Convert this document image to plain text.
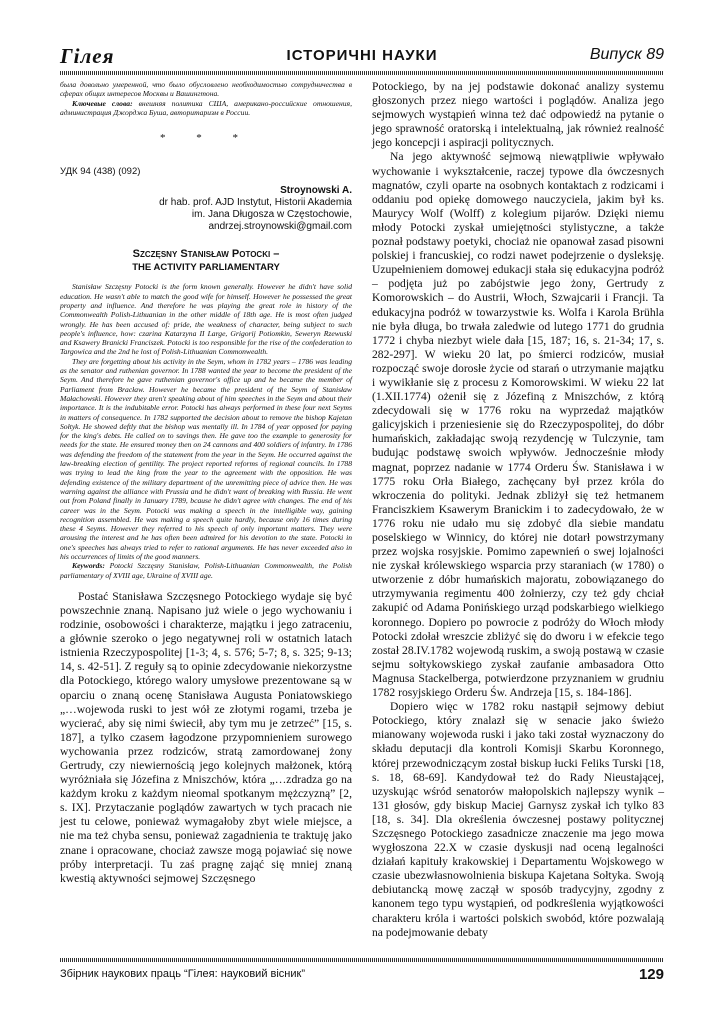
Гілея	ІСТОРИЧНІ НАУКИ	Випуск 89

была довольно умеренной, что было обусловлено необходимостью сотрудничества в сферах общих интересов Москвы и Вашингтона.

Ключевые слова: внешняя политика США, американо-российские отношения, администрация Джорджа Буша, авторитаризм в России.

* * *

УДК 94 (438) (092)

Stroynowski A.
dr hab. prof. AJD Instytut, Historii Akademia
im. Jana Długosza w Częstochowie,
andrzej.stroynowski@gmail.com
Szczęsny Stanisław Potocki –
THE ACTIVITY PARLIAMENTARY

Stanisław Szczęsny Potocki is the form known generally. However he didn't have solid education. He wasn't able to match the good wife for himself. However he possessed the great property and influence. And therefore he was playing the great role in history of the Commonwealth Polish-Lithuanian in the other middle of 18th age. He is most often judged wrongly. He has been accused of: pride, the weakness of character, being subject to such people's influence, how: czarina Katarzyna II Large, Grigorij Potiomkin, Seweryn Rzewuski and Ksawery Branicki Franciszek. Potocki is too responsible for the rise of the confederation to Targowica and the 2nd he lost of Polish-Lithuanian Commonwealth.

They are forgetting about his activity in the Seym, whom in 1782 years – 1786 was leading as the senator and ruthenian governor. In 1788 wanted the year to become the president of the Seym. And therefore he gave ruthenian governor's office up and he became the member of Parliament from Bracław. However he became the president of the Seym of Stanisław Małachowski. However they aren't speaking about of him speeches in the Seym and about their importance. It is the indubitable error. Potocki has always performed in these four next Seyms in matters of consequence. In 1782 supported the decision about to remove the bishop Kajetan Sołtyk. He showed deftly that the bishop was mentally ill. In 1784 of year opposed for paying for the king's debts. He called on to savings then. He gave too the example to generosity for needs for the state. He ensured money then on 24 cannons and 400 soldiers of infantry. In 1786 was defending the freedom of the statement from the year in the Seym. He occurred against the law-breaking election of gentility. The project reported reforms of regional councils. In 1788 was trying to lead the king from the year to the agreement with the opposition. He was defending existence of the military department of the unremitting piece of advice then. He was warning against the alliance with Prussia and he didn't want of breaking with Russia. He went out from Poland finally in January 1789, bcause he didn't agree with changes. The end of his career was in the Seym. Potocki was making a speech in the intelligible way, gaining recognition assembled. He was making a speech quite hardly, because only 16 times during these 4 Seyms. However they referred to his speech of only important matters. They were arousing the interest and he has often been admired for his devotion to the state. Potocki in one's speeches has always tried to refer to rational arguments. He has never exceeded also in his occurrences of limits of the good manners.

Keywords: Potocki Szczęsny Stanisław, Polish-Lithuanian Commonwealth, the Polish parliamentary of XVIII age, Ukraine of XVIII age.

Postać Stanisława Szczęsnego Potockiego wydaje się być powszechnie znaną. Napisano już wiele o jego wychowaniu i rodzinie, osobowości i charakterze, majątku i jego zatraceniu, a głównie szeroko o jego negatywnej roli w ostatnich latach istnienia Rzeczypospolitej [1-3; 4, s. 576; 5-7; 8, s. 325; 9-13; 14, s. 42-51]. Z reguły są to opinie zdecydowanie niekorzystne dla Potockiego, którego walory umysłowe prezentowane są w oparciu o znaną ocenę Stanisława Augusta Poniatowskiego „…wojewoda ruski to jest wół ze złotymi rogami, trzeba je wycierać, aby się nimi świecił, aby tym mu je zetrzeć” [15, s. 187], a tylko czasem łagodzone przypomnieniem surowego wychowania przez rodziców, stratą zamordowanej żony Gertrudy, czy niewiernością jego kolejnych małżonek, którą wyróżniała się Józefina z Mniszchów, która „…zdradza go na każdym kroku z każdym nieomal spotkanym mężczyzną” [2, s. IX]. Przytaczanie poglądów zawartych w tych pracach nie jest tu celowe, ponieważ wymagałoby zbyt wiele miejsce, a nie ma też chyba sensu, ponieważ zagadnienia te traktuję jako znane i opracowane, chociaż zawsze mogą pojawiać się nowe próby interpretacji. Tu zaś pragnę zająć się mniej znaną kwestią aktywności sejmowej Szczęsnego

Potockiego, by na jej podstawie dokonać analizy systemu głoszonych przez niego wartości i poglądów. Analiza jego sejmowych wystąpień winna też dać odpowiedź na pytanie o jego sprawność oratorską i intelektualną, jak również realność jego koncepcji i aspiracji politycznych.

Na jego aktywność sejmową niewątpliwie wpływało wychowanie i wykształcenie, raczej typowe dla ówczesnych magnatów, czyli oparte na osobnych kontaktach z rodzicami i oddaniu pod opiekę domowego nauczyciela, jakim był ks. Maurycy Wolf (Wolff) z kolegium pijarów. Dzięki niemu młody Potocki zyskał umiejętności stylistyczne, a także poznał podstawy poetyki, chociaż nie opanował zasad pisowni polskiej i francuskiej, co rodzi nawet podejrzenie o dysleksję. Uzupełnieniem domowej edukacji stała się edukacyjna podróż – podjęta już po zabójstwie jego żony, Gertrudy z Komorowskich – do Austrii, Włoch, Szwajcarii i Francji. Ta edukacyjna podróż w towarzystwie ks. Wolfa i Karola Brühla nie była długa, bo trwała zaledwie od lutego 1771 do grudnia 1772 i chyba niezbyt wiele dała [15, 187; 16, s. 21-34; 17, s. 282-297]. W wieku 20 lat, po śmierci rodziców, musiał rozpocząć swoje dorosłe życie od starań o utrzymanie majątku i wywikłanie się z procesu z Komorowskimi. W wieku 22 lat (1.XII.1774) ożenił się z Józefiną z Mniszchów, z którą zdecydowali się w 1776 roku na wyprzedaż majątków galicyjskich i przeniesienie się do Rzeczypospolitej, do dóbr humańskich, zakładając swoją rezydencję w Tulczynie, tam budując podstawę swoich wpływów. Jednocześnie młody magnat, poprzez nadanie w 1774 Orderu Św. Stanisława i w 1775 roku Orła Białego, zachęcany był przez króla do wkroczenia do polityki. Jednak zbliżył się też hetmanem Franciszkiem Ksawerym Branickim i to zadecydowało, że w 1776 roku nie udało mu się zdobyć dla siebie mandatu poselskiego w Winnicy, do której nie dotarł powstrzymany przez wojska rosyjskie. Pomimo zapewnień o swej lojalności nie zyskał królewskiego wsparcia przy staraniach (w 1780) o utworzenie z dóbr humańskich majoratu, zobowiązanego do utrzymywania regimentu 400 żołnierzy, czy też gdy chciał zakupić od Adama Ponińskiego urząd podskarbiego wielkiego koronnego. Dopiero po powrocie z podróży do Włoch młody Potocki zdołał wreszcie zbliżyć się do dworu i w efekcie tego został 28.IV.1782 wojewodą ruskim, a swoją postawą w czasie sejmu sołtykowskiego zyskał zaufanie ambasadora Otto Magnusa Stackelberga, potwierdzone przyznaniem w grudniu 1782 rosyjskiego Orderu Św. Andrzeja [15, s. 184-186].

Dopiero więc w 1782 roku nastąpił sejmowy debiut Potockiego, który znalazł się w senacie jako świeżo mianowany wojewoda ruski i jako taki został wyznaczony do składu deputacji dla kontroli Komisji Skarbu Koronnego, której przewodniczącym został biskup łucki Feliks Turski [18, s. 18, 68-69]. Kandydował też do Rady Nieustającej, uzyskując wśród senatorów małopolskich najlepszy wynik – 131 głosów, gdy biskup Maciej Garnysz zyskał ich tylko 83 [18, s. 34]. Dla określenia ówczesnej postawy politycznej Szczęsnego Potockiego zasadnicze znaczenie ma jego mowa wygłoszona 22.X w czasie dyskusji nad oceną legalności działań kapituły krakowskiej i Departamentu Wojskowego w czasie ubezwłasnowolnienia biskupa Kajetana Sołtyka. Swoją debiutancką mowę zaczął w sposób tradycyjny, zgodny z kanonem tego typu wystąpień, od podkreślenia wyjątkowości charakteru króla i wartości polskich swobód, które pozwalają na podejmowanie debaty

Збірник наукових праць “Гілея: науковий вісник”	129
